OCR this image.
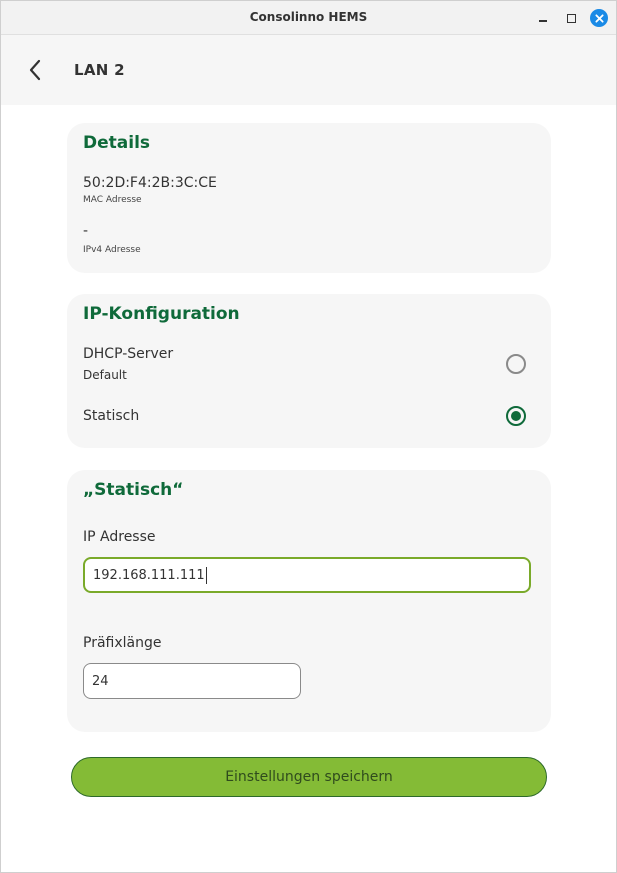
Consolinno HEMS
LAN 2
Details
50:2D:F4:2B:3C:CE
MAC Adresse
-
IPv4 Adresse
IP-Konfiguration
DHCP-Server
Default
Statisch
„Statisch“
IP Adresse
192.168.111.111
Präfixlänge
24
Einstellungen speichern
